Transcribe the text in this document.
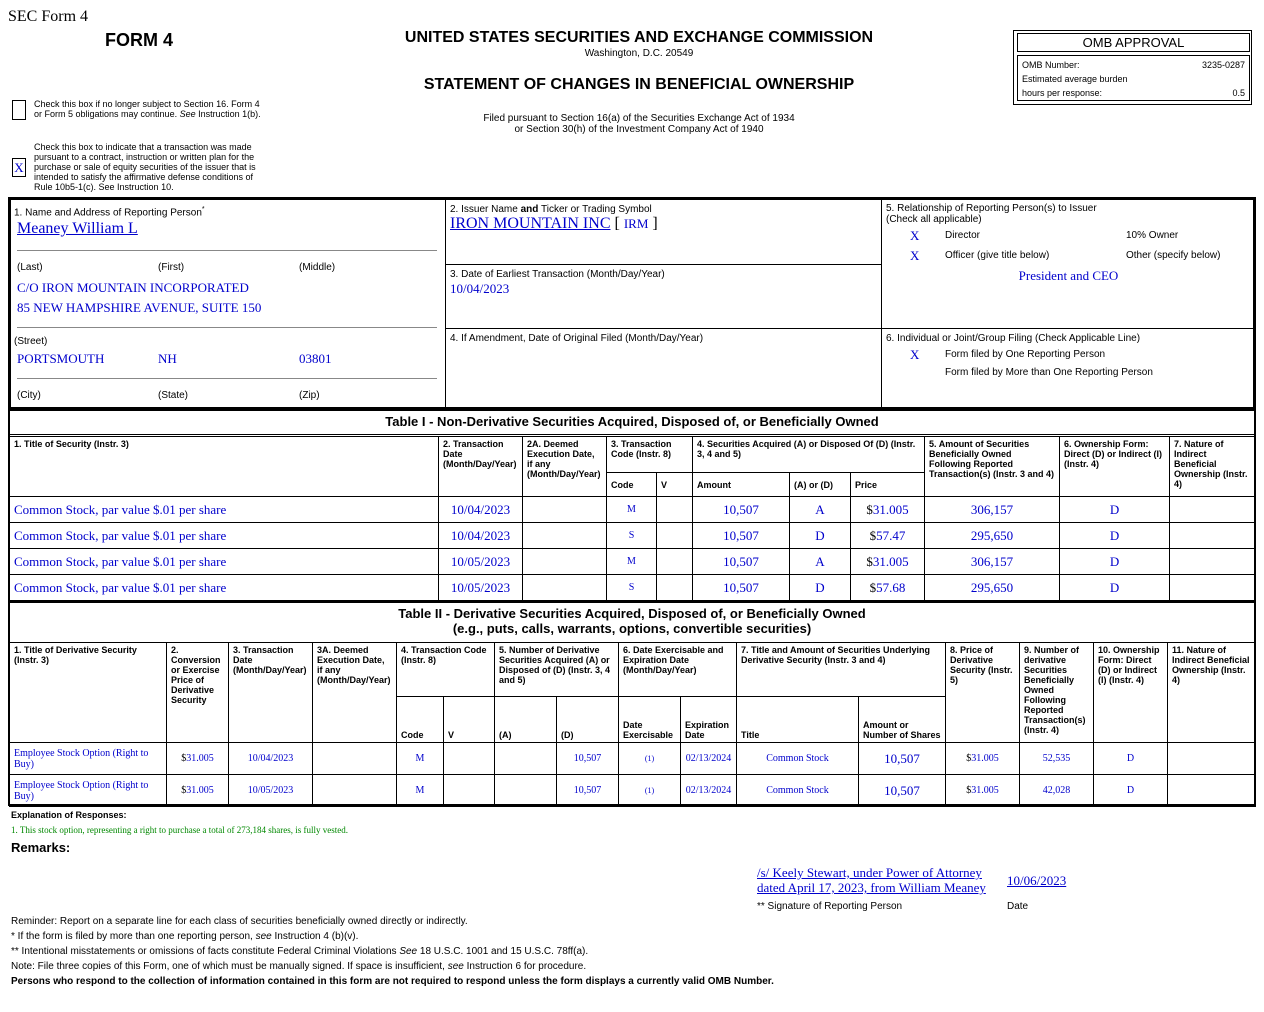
SEC Form 4
FORM 4	UNITED STATES SECURITIES AND EXCHANGE COMMISSION
Washington, D.C. 20549
STATEMENT OF CHANGES IN BENEFICIAL OWNERSHIP
Filed pursuant to Section 16(a) of the Securities Exchange Act of 1934
or Section 30(h) of the Investment Company Act of 1940
Check this box if no longer subject to Section 16. Form 4
or Form 5 obligations may continue. See Instruction 1(b).
X
Check this box to indicate that a transaction was made
pursuant to a contract, instruction or written plan for the
purchase or sale of equity securities of the issuer that is
intended to satisfy the affirmative defense conditions of
Rule 10b5-1(c). See Instruction 10.
OMB APPROVAL
OMB Number:	3235-0287
Estimated average burden
hours per response:	0.5
1. Name and Address of Reporting Person*
Meaney William L
(Last)	(First)	(Middle)
C/O IRON MOUNTAIN INCORPORATED
85 NEW HAMPSHIRE AVENUE, SUITE 150
(Street)
PORTSMOUTH	NH	03801
(City)	(State)	(Zip)
2. Issuer Name and Ticker or Trading Symbol
IRON MOUNTAIN INC [ IRM ]
3. Date of Earliest Transaction (Month/Day/Year)
10/04/2023
4. If Amendment, Date of Original Filed (Month/Day/Year)
5. Relationship of Reporting Person(s) to Issuer
(Check all applicable)
X	Director	10% Owner
X	Officer (give title below)	Other (specify below)
President and CEO
6. Individual or Joint/Group Filing (Check Applicable Line)
X	Form filed by One Reporting Person
Form filed by More than One Reporting Person
Table I - Non-Derivative Securities Acquired, Disposed of, or Beneficially Owned
1. Title of Security (Instr. 3)	2. Transaction Date (Month/Day/Year)	2A. Deemed Execution Date, if any (Month/Day/Year)	3. Transaction Code (Instr. 8)		4. Securities Acquired (A) or Disposed Of (D) (Instr. 3, 4 and 5)			5. Amount of Securities Beneficially Owned Following Reported Transaction(s) (Instr. 3 and 4)	6. Ownership Form: Direct (D) or Indirect (I) (Instr. 4)	7. Nature of Indirect Beneficial Ownership (Instr. 4)
			Code	V	Amount	(A) or (D)	Price			
Common Stock, par value $.01 per share	10/04/2023		M		10,507	A	$31.005	306,157	D	
Common Stock, par value $.01 per share	10/04/2023		S		10,507	D	$57.47	295,650	D	
Common Stock, par value $.01 per share	10/05/2023		M		10,507	A	$31.005	306,157	D	
Common Stock, par value $.01 per share	10/05/2023		S		10,507	D	$57.68	295,650	D	
Table II - Derivative Securities Acquired, Disposed of, or Beneficially Owned
(e.g., puts, calls, warrants, options, convertible securities)
1. Title of Derivative Security (Instr. 3)	2. Conversion or Exercise Price of Derivative Security	3. Transaction Date (Month/Day/Year)	3A. Deemed Execution Date, if any (Month/Day/Year)	4. Transaction Code (Instr. 8)		5. Number of Derivative Securities Acquired (A) or Disposed of (D) (Instr. 3, 4 and 5)		6. Date Exercisable and Expiration Date (Month/Day/Year)		7. Title and Amount of Securities Underlying Derivative Security (Instr. 3 and 4)		8. Price of Derivative Security (Instr. 5)	9. Number of derivative Securities Beneficially Owned Following Reported Transaction(s) (Instr. 4)	10. Ownership Form: Direct (D) or Indirect (I) (Instr. 4)	11. Nature of Indirect Beneficial Ownership (Instr. 4)
				Code	V	(A)	(D)	Date Exercisable	Expiration Date	Title	Amount or Number of Shares				
Employee Stock Option (Right to Buy)	$31.005	10/04/2023		M			10,507	(1)	02/13/2024	Common Stock	10,507	$31.005	52,535	D	
Employee Stock Option (Right to Buy)	$31.005	10/05/2023		M			10,507	(1)	02/13/2024	Common Stock	10,507	$31.005	42,028	D	
Explanation of Responses:
1. This stock option, representing a right to purchase a total of 273,184 shares, is fully vested.
Remarks:
/s/ Keely Stewart, under Power of Attorney
dated April 17, 2023, from William Meaney 10/06/2023
** Signature of Reporting Person	Date
Reminder: Report on a separate line for each class of securities beneficially owned directly or indirectly.
* If the form is filed by more than one reporting person, see Instruction 4 (b)(v).
** Intentional misstatements or omissions of facts constitute Federal Criminal Violations See 18 U.S.C. 1001 and 15 U.S.C. 78ff(a).
Note: File three copies of this Form, one of which must be manually signed. If space is insufficient, see Instruction 6 for procedure.
Persons who respond to the collection of information contained in this form are not required to respond unless the form displays a currently valid OMB Number.
